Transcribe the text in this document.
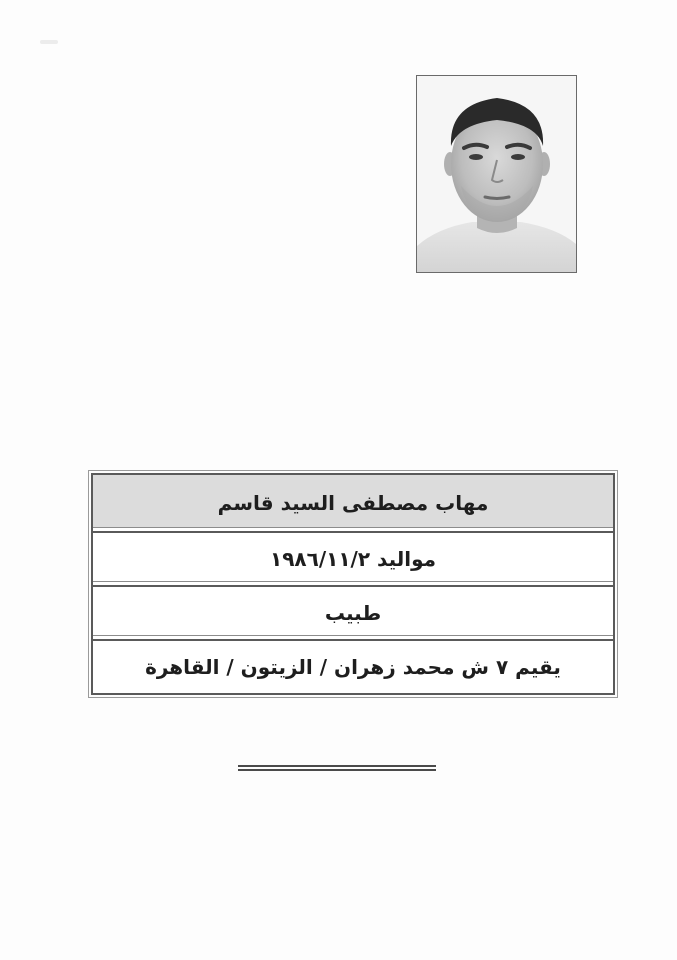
مهاب مصطفى السيد قاسم
مواليد ١٩٨٦/١١/٢
طبيب
يقيم ٧ ش محمد زهران / الزيتون / القاهرة
